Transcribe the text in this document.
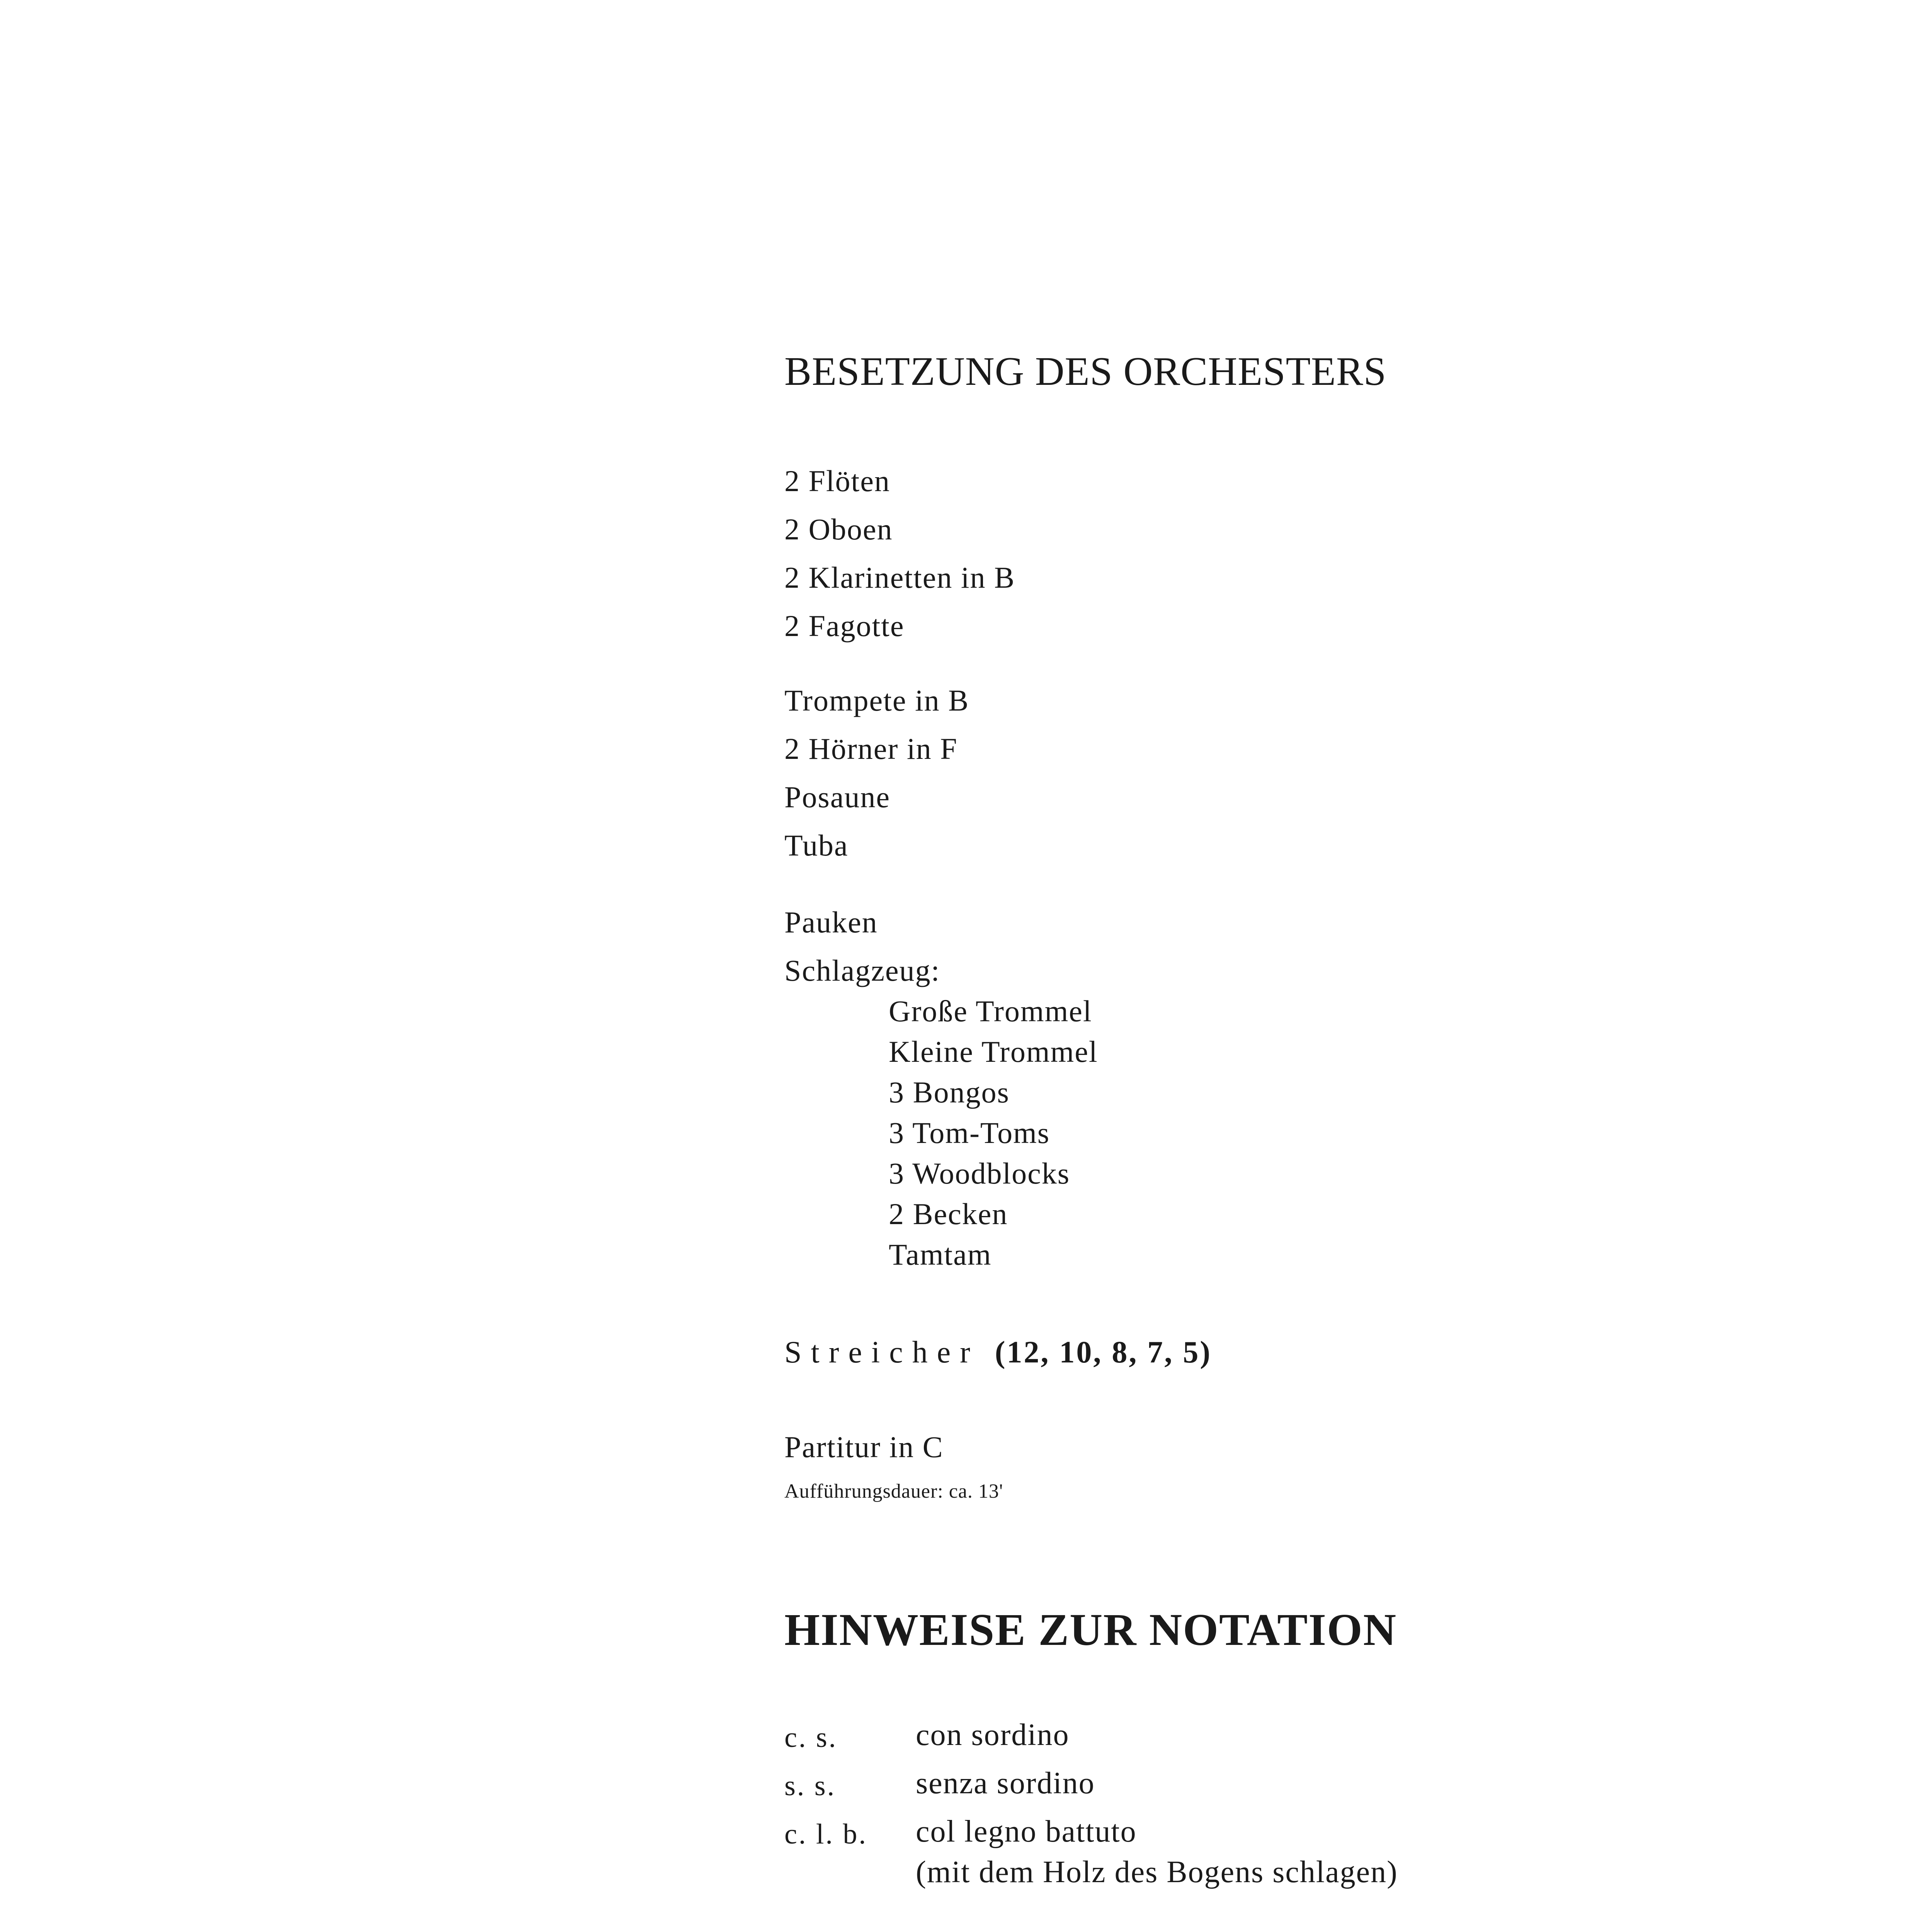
BESETZUNG DES ORCHESTERS
2 Flöten
2 Oboen
2 Klarinetten in B
2 Fagotte
Trompete in B
2 Hörner in F
Posaune
Tuba
Pauken
Schlagzeug:
Große Trommel
Kleine Trommel
3 Bongos
3 Tom-Toms
3 Woodblocks
2 Becken
Tamtam
Streicher (12, 10, 8, 7, 5)
Partitur in C
Aufführungsdauer: ca. 13'
HINWEISE ZUR NOTATION
c. s.	con sordino
s. s.	senza sordino
c. l. b. col legno battuto
(mit dem Holz des Bogens schlagen)
